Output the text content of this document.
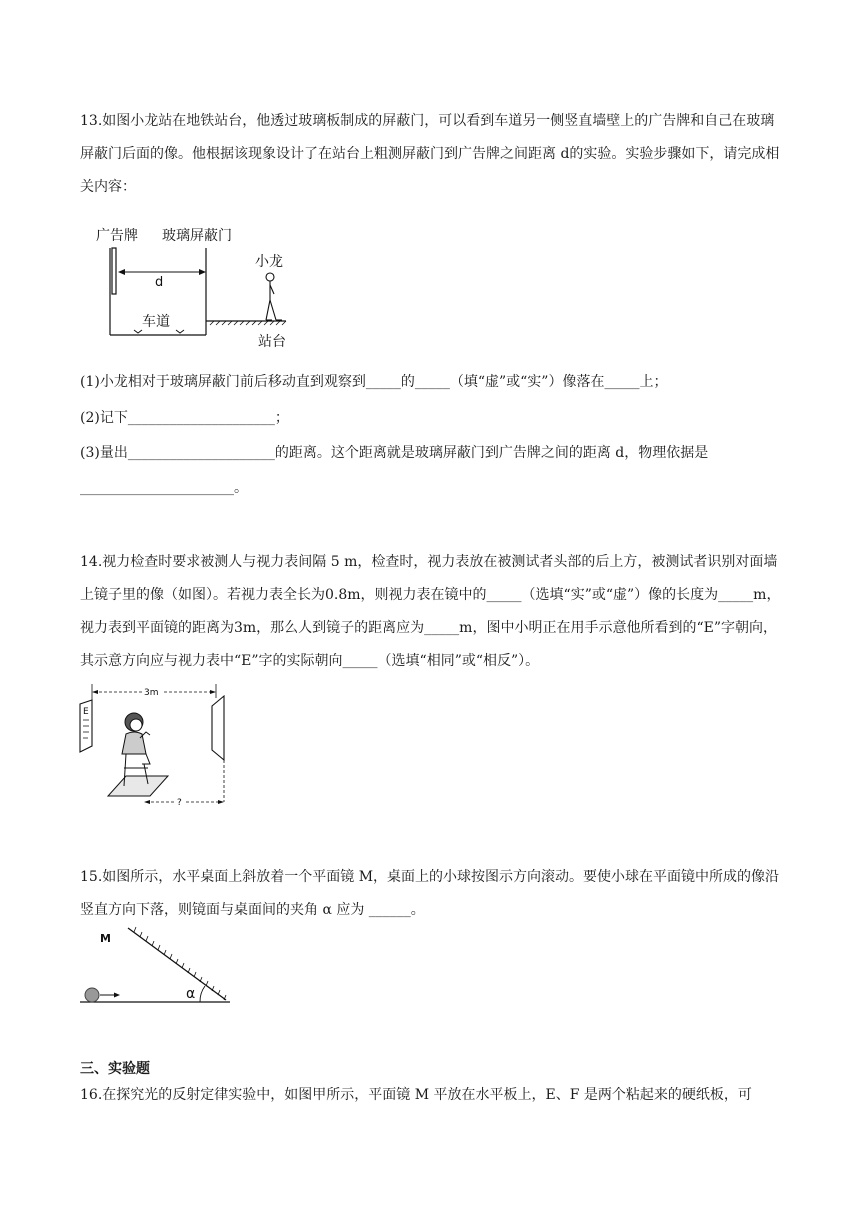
13.如图小龙站在地铁站台，他透过玻璃板制成的屏蔽门，可以看到车道另一侧竖直墙壁上的广告牌和自己在玻璃屏蔽门后面的像。他根据该现象设计了在站台上粗测屏蔽门到广告牌之间距离 d的实验。实验步骤如下，请完成相关内容：

广告牌 玻璃屏蔽门
d
车道
站台
小龙
(1)小龙相对于玻璃屏蔽门前后移动直到观察到_____的_____（填“虚”或“实”）像落在_____上；
(2)记下_____________________；
(3)量出_____________________的距离。这个距离就是玻璃屏蔽门到广告牌之间的距离 d，物理依据是
______________________。

14.视力检查时要求被测人与视力表间隔 5 m，检查时，视力表放在被测试者头部的后上方，被测试者识别对面墙上镜子里的像（如图）。若视力表全长为0.8m，则视力表在镜中的_____（选填“实”或“虚”）像的长度为_____m，视力表到平面镜的距离为3m，那么人到镜子的距离应为_____m，图中小明正在用手示意他所看到的“E”字朝向，其示意方向应与视力表中“E”字的实际朝向_____（选填“相同”或“相反”）。

E
3m
?

15.如图所示，水平桌面上斜放着一个平面镜 M，桌面上的小球按图示方向滚动。要使小球在平面镜中所成的像沿竖直方向下落，则镜面与桌面间的夹角 α 应为 ______。

M
α
三、实验题
16.在探究光的反射定律实验中，如图甲所示，平面镜 M 平放在水平板上，E、F 是两个粘起来的硬纸板，可
